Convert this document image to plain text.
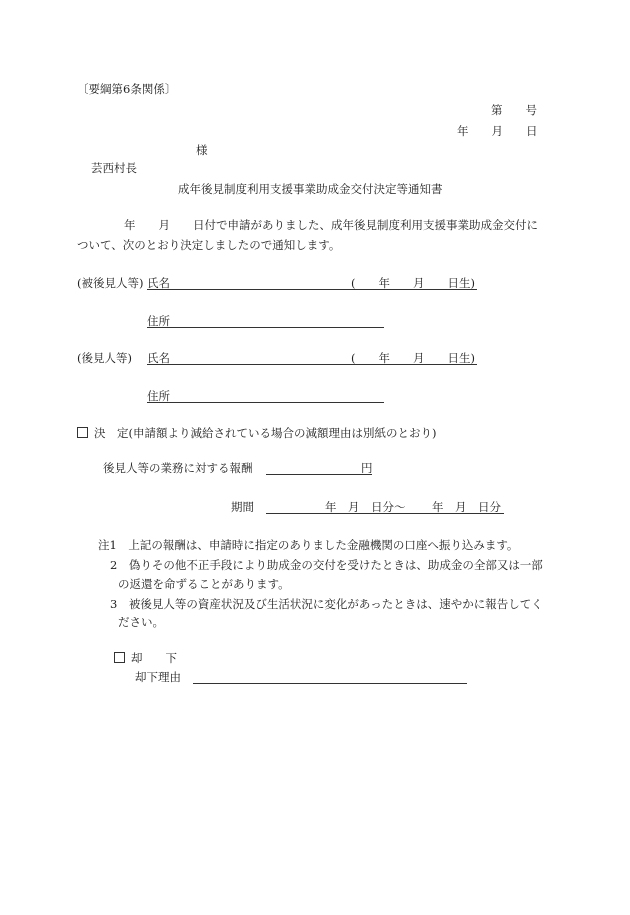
〔要綱第6条関係〕
第　　号
年　　月　　日
様
芸西村長
成年後見制度利用支援事業助成金交付決定等通知書
年　　月　　日付で申請がありました、成年後見制度利用支援事業助成金交付に
ついて、次のとおり決定しましたので通知します。
(被後見人等) 氏名	(　　年　　月　　日生)
住所
(後見人等) 氏名	(　　年　　月　　日生)
住所
決　定(申請額より減給されている場合の減額理由は別紙のとおり)
後見人等の業務に対する報酬	円
期間	年　月　日分〜 年　月　日分
注1　上記の報酬は、申請時に指定のありました金融機関の口座へ振り込みます。
2　偽りその他不正手段により助成金の交付を受けたときは、助成金の全部又は一部
の返還を命ずることがあります。
3　被後見人等の資産状況及び生活状況に変化があったときは、速やかに報告してく
ださい。
却　　下
却下理由
